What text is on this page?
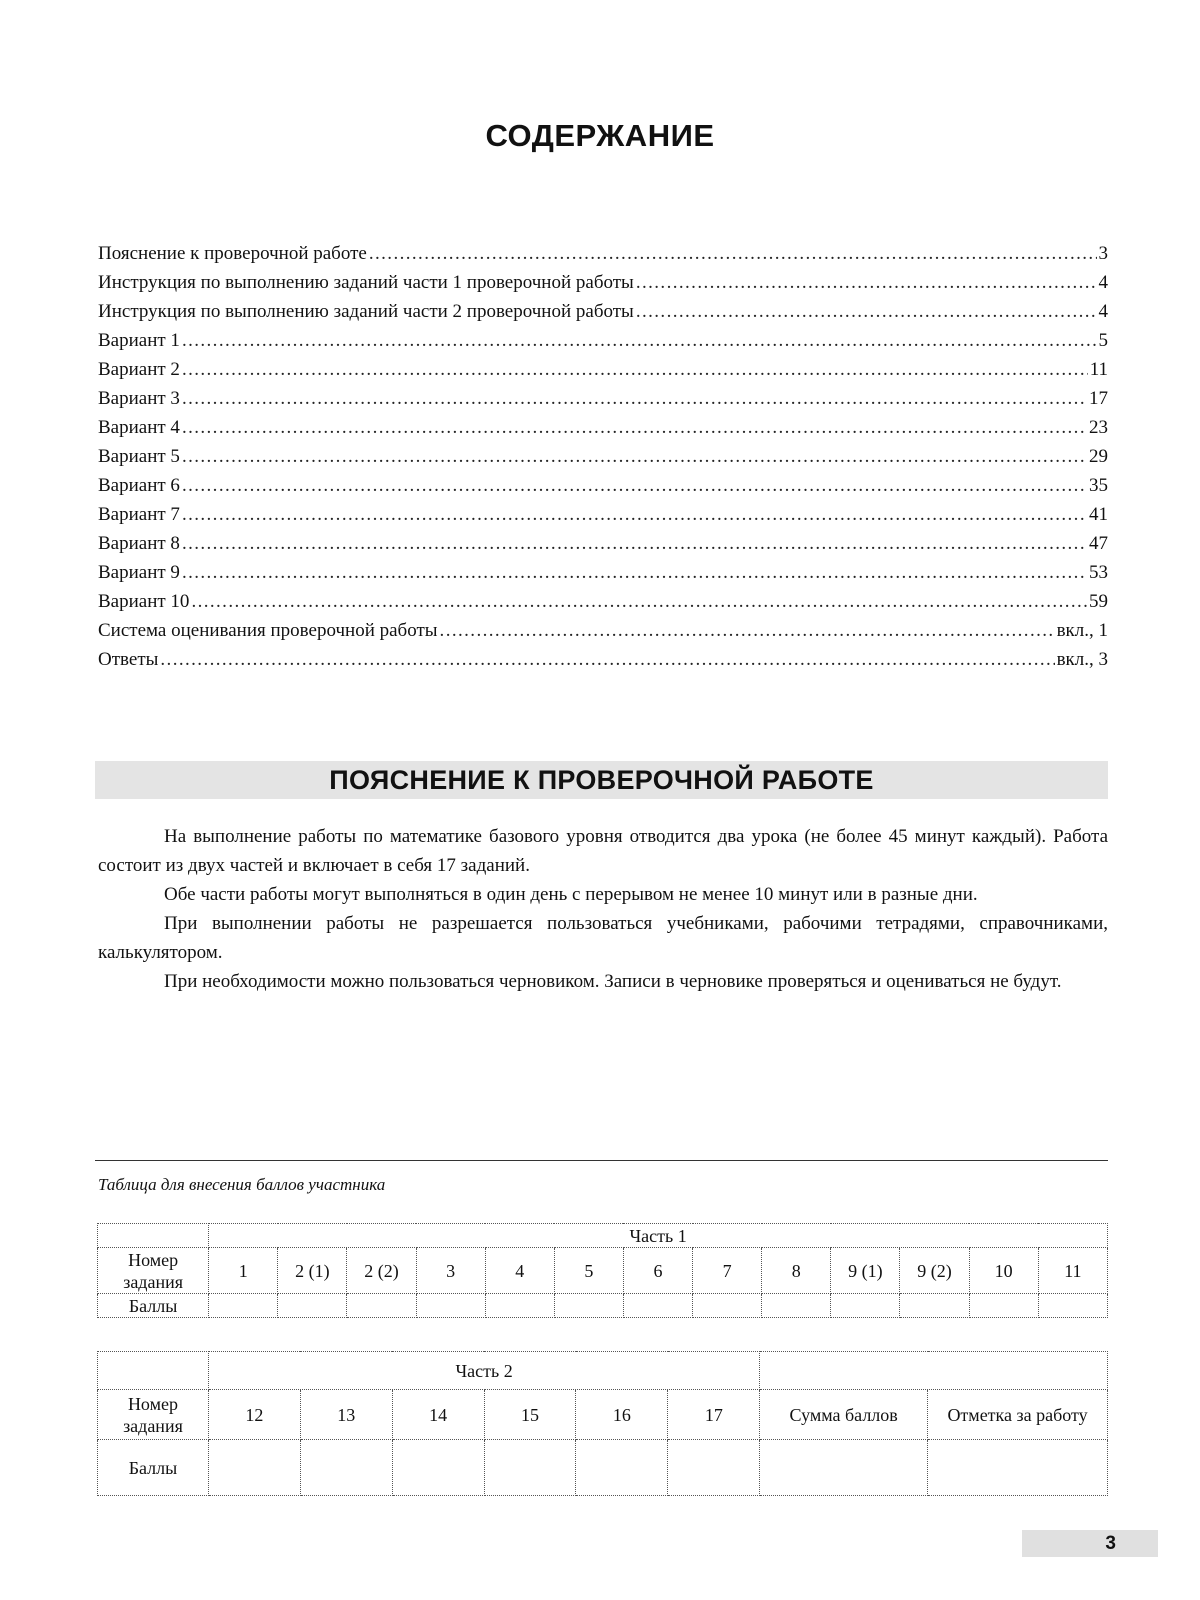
СОДЕРЖАНИЕ
Пояснение к проверочной работе .....	3
Инструкция по выполнению заданий части 1 проверочной работы .....	4
Инструкция по выполнению заданий части 2 проверочной работы .....	4
Вариант 1 .....	5
Вариант 2 .....	11
Вариант 3 .....	17
Вариант 4 .....	23
Вариант 5 .....	29
Вариант 6 .....	35
Вариант 7 .....	41
Вариант 8 .....	47
Вариант 9 .....	53
Вариант 10 .....	59
Система оценивания проверочной работы .....	вкл., 1
Ответы .....	вкл., 3
ПОЯСНЕНИЕ К ПРОВЕРОЧНОЙ РАБОТЕ

На выполнение работы по математике базового уровня отводится два урока (не более 45 минут каждый). Работа состоит из двух частей и включает в себя 17 заданий.

Обе части работы могут выполняться в один день с перерывом не менее 10 минут или в разные дни.

При выполнении работы не разрешается пользоваться учебниками, рабочими тетрадями, справочниками, калькулятором.

При необходимости можно пользоваться черновиком. Записи в черновике проверяться и оцениваться не будут.

Таблица для внесения баллов участника

	Часть 1												
Номер задания	1	2 (1)	2 (2)	3	4	5	6	7	8	9 (1)	9 (2)	10	11
Баллы													
	Часть 2							
Номер задания	12	13	14	15	16	17	Сумма баллов	Отметка за работу
Баллы								
3
